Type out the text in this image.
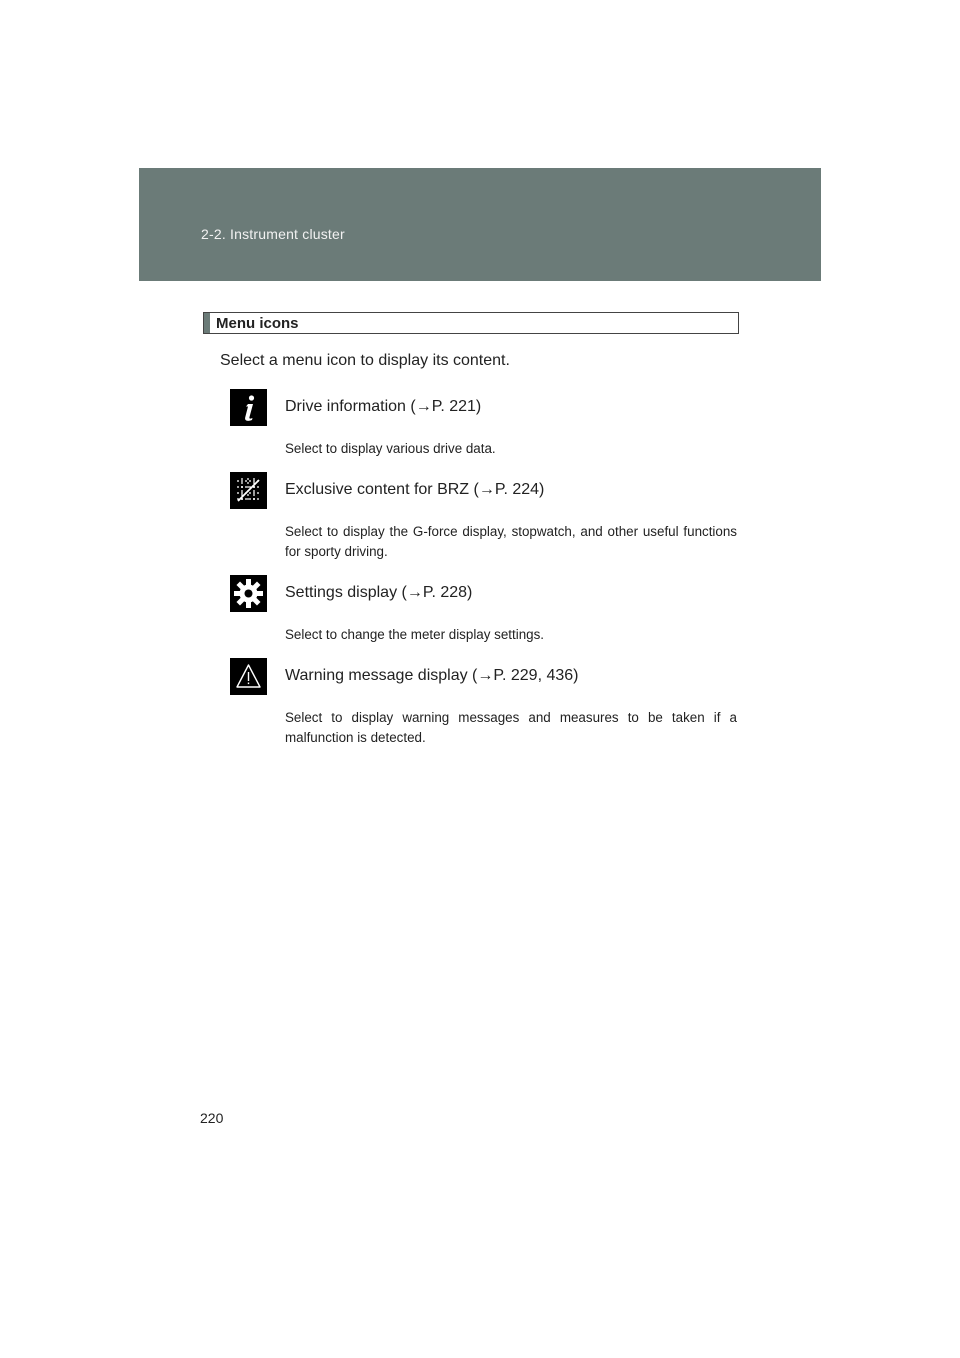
2-2. Instrument cluster
Menu icons
Select a menu icon to display its content.
Drive information (→P. 221)
Select to display various drive data.
Exclusive content for BRZ (→P. 224)
Select to display the G-force display, stopwatch, and other useful functions for sporty driving.
Settings display (→P. 228)
Select to change the meter display settings.
Warning message display (→P. 229, 436)
Select to display warning messages and measures to be taken if a malfunction is detected.
220
